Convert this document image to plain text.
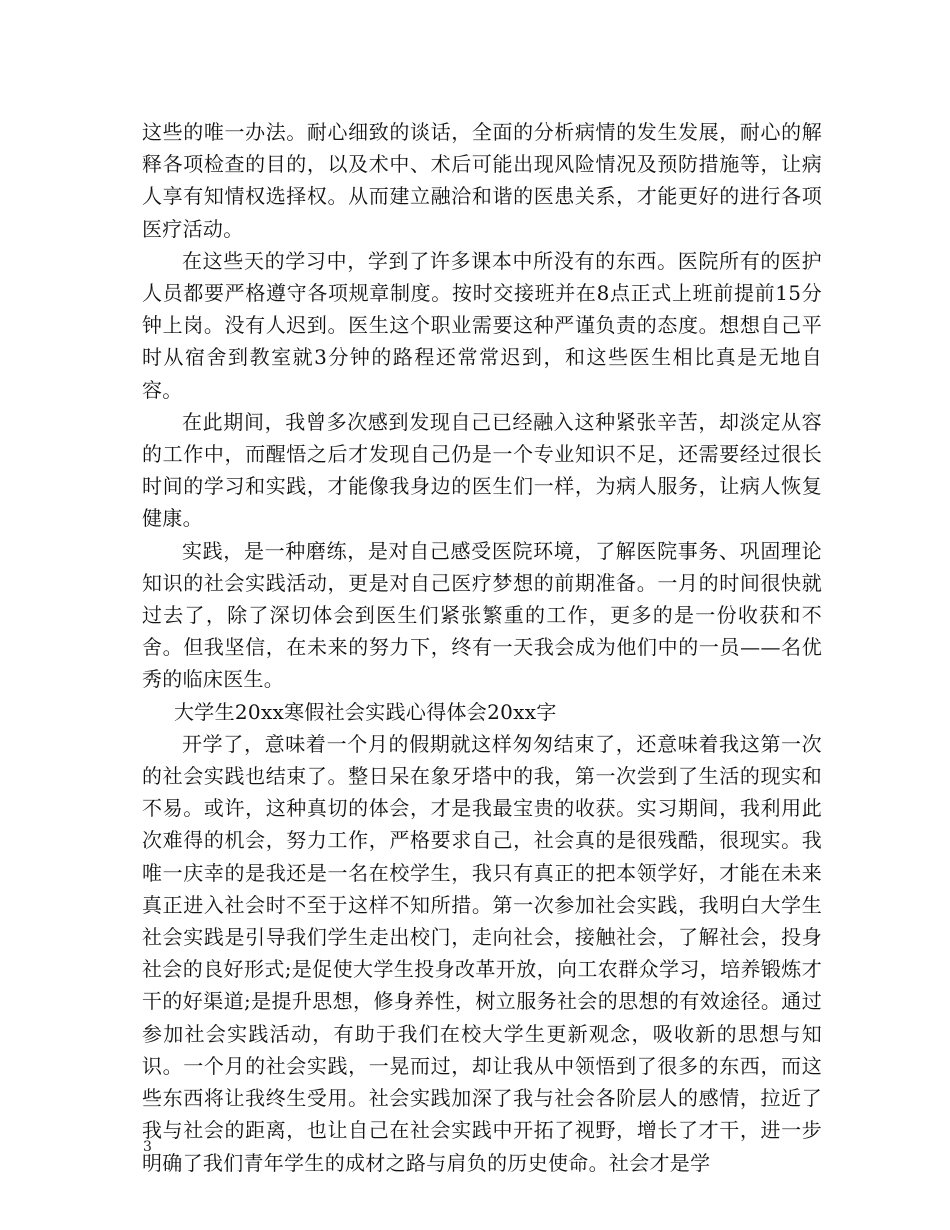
这些的唯一办法。耐心细致的谈话，全面的分析病情的发生发展，耐心的解释各项检查的目的，以及术中、术后可能出现风险情况及预防措施等，让病人享有知情权选择权。从而建立融洽和谐的医患关系，才能更好的进行各项医疗活动。

在这些天的学习中，学到了许多课本中所没有的东西。医院所有的医护人员都要严格遵守各项规章制度。按时交接班并在8点正式上班前提前15分钟上岗。没有人迟到。医生这个职业需要这种严谨负责的态度。想想自己平时从宿舍到教室就3分钟的路程还常常迟到，和这些医生相比真是无地自容。

在此期间，我曾多次感到发现自己已经融入这种紧张辛苦，却淡定从容的工作中，而醒悟之后才发现自己仍是一个专业知识不足，还需要经过很长时间的学习和实践，才能像我身边的医生们一样，为病人服务，让病人恢复健康。

实践，是一种磨练，是对自己感受医院环境，了解医院事务、巩固理论知识的社会实践活动，更是对自己医疗梦想的前期准备。一月的时间很快就过去了，除了深切体会到医生们紧张繁重的工作，更多的是一份收获和不舍。但我坚信，在未来的努力下，终有一天我会成为他们中的一员——名优秀的临床医生。

大学生20xx寒假社会实践心得体会20xx字

开学了，意味着一个月的假期就这样匆匆结束了，还意味着我这第一次的社会实践也结束了。整日呆在象牙塔中的我，第一次尝到了生活的现实和不易。或许，这种真切的体会，才是我最宝贵的收获。实习期间，我利用此次难得的机会，努力工作，严格要求自己，社会真的是很残酷，很现实。我唯一庆幸的是我还是一名在校学生，我只有真正的把本领学好，才能在未来真正进入社会时不至于这样不知所措。第一次参加社会实践，我明白大学生社会实践是引导我们学生走出校门，走向社会，接触社会，了解社会，投身社会的良好形式;是促使大学生投身改革开放，向工农群众学习，培养锻炼才干的好渠道;是提升思想，修身养性，树立服务社会的思想的有效途径。通过参加社会实践活动，有助于我们在校大学生更新观念，吸收新的思想与知识。一个月的社会实践，一晃而过，却让我从中领悟到了很多的东西，而这些东西将让我终生受用。社会实践加深了我与社会各阶层人的感情，拉近了我与社会的距离，也让自己在社会实践中开拓了视野，增长了才干，进一步明确了我们青年学生的成材之路与肩负的历史使命。社会才是学

3
